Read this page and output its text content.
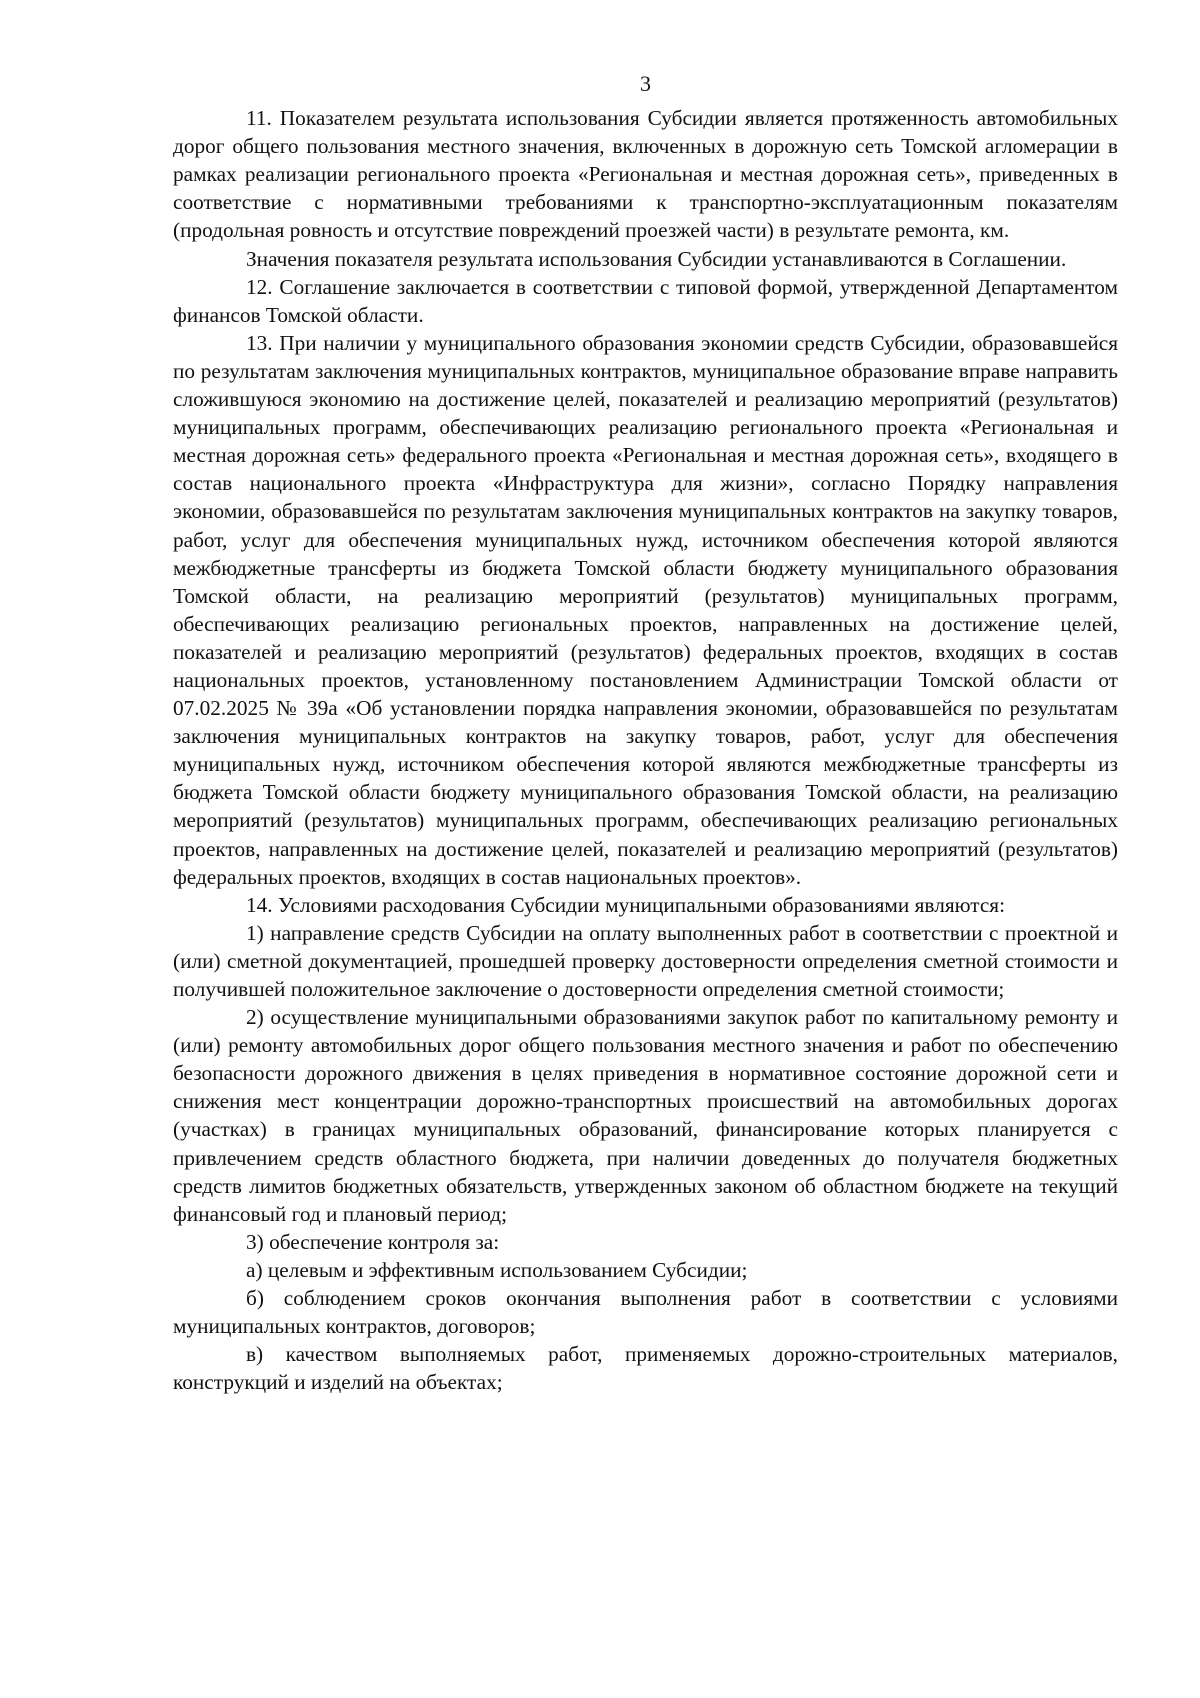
3

11. Показателем результата использования Субсидии является протяженность автомобильных дорог общего пользования местного значения, включенных в дорожную сеть Томской агломерации в рамках реализации регионального проекта «Региональная и местная дорожная сеть», приведенных в соответствие с нормативными требованиями к транспортно-эксплуатационным показателям (продольная ровность и отсутствие повреждений проезжей части) в результате ремонта, км.

Значения показателя результата использования Субсидии устанавливаются в Соглашении.

12. Соглашение заключается в соответствии с типовой формой, утвержденной Департаментом финансов Томской области.

13. При наличии у муниципального образования экономии средств Субсидии, образовавшейся по результатам заключения муниципальных контрактов, муниципальное образование вправе направить сложившуюся экономию на достижение целей, показателей и реализацию мероприятий (результатов) муниципальных программ, обеспечивающих реализацию регионального проекта «Региональная и местная дорожная сеть» федерального проекта «Региональная и местная дорожная сеть», входящего в состав национального проекта «Инфраструктура для жизни», согласно Порядку направления экономии, образовавшейся по результатам заключения муниципальных контрактов на закупку товаров, работ, услуг для обеспечения муниципальных нужд, источником обеспечения которой являются межбюджетные трансферты из бюджета Томской области бюджету муниципального образования Томской области, на реализацию мероприятий (результатов) муниципальных программ, обеспечивающих реализацию региональных проектов, направленных на достижение целей, показателей и реализацию мероприятий (результатов) федеральных проектов, входящих в состав национальных проектов, установленному постановлением Администрации Томской области от 07.02.2025 № 39а «Об установлении порядка направления экономии, образовавшейся по результатам заключения муниципальных контрактов на закупку товаров, работ, услуг для обеспечения муниципальных нужд, источником обеспечения которой являются межбюджетные трансферты из бюджета Томской области бюджету муниципального образования Томской области, на реализацию мероприятий (результатов) муниципальных программ, обеспечивающих реализацию региональных проектов, направленных на достижение целей, показателей и реализацию мероприятий (результатов) федеральных проектов, входящих в состав национальных проектов».

14. Условиями расходования Субсидии муниципальными образованиями являются:

1) направление средств Субсидии на оплату выполненных работ в соответствии с проектной и (или) сметной документацией, прошедшей проверку достоверности определения сметной стоимости и получившей положительное заключение о достоверности определения сметной стоимости;

2) осуществление муниципальными образованиями закупок работ по капитальному ремонту и (или) ремонту автомобильных дорог общего пользования местного значения и работ по обеспечению безопасности дорожного движения в целях приведения в нормативное состояние дорожной сети и снижения мест концентрации дорожно-транспортных происшествий на автомобильных дорогах (участках) в границах муниципальных образований, финансирование которых планируется с привлечением средств областного бюджета, при наличии доведенных до получателя бюджетных средств лимитов бюджетных обязательств, утвержденных законом об областном бюджете на текущий финансовый год и плановый период;

3) обеспечение контроля за:

а) целевым и эффективным использованием Субсидии;

б) соблюдением сроков окончания выполнения работ в соответствии с условиями муниципальных контрактов, договоров;

в) качеством выполняемых работ, применяемых дорожно-строительных материалов, конструкций и изделий на объектах;
